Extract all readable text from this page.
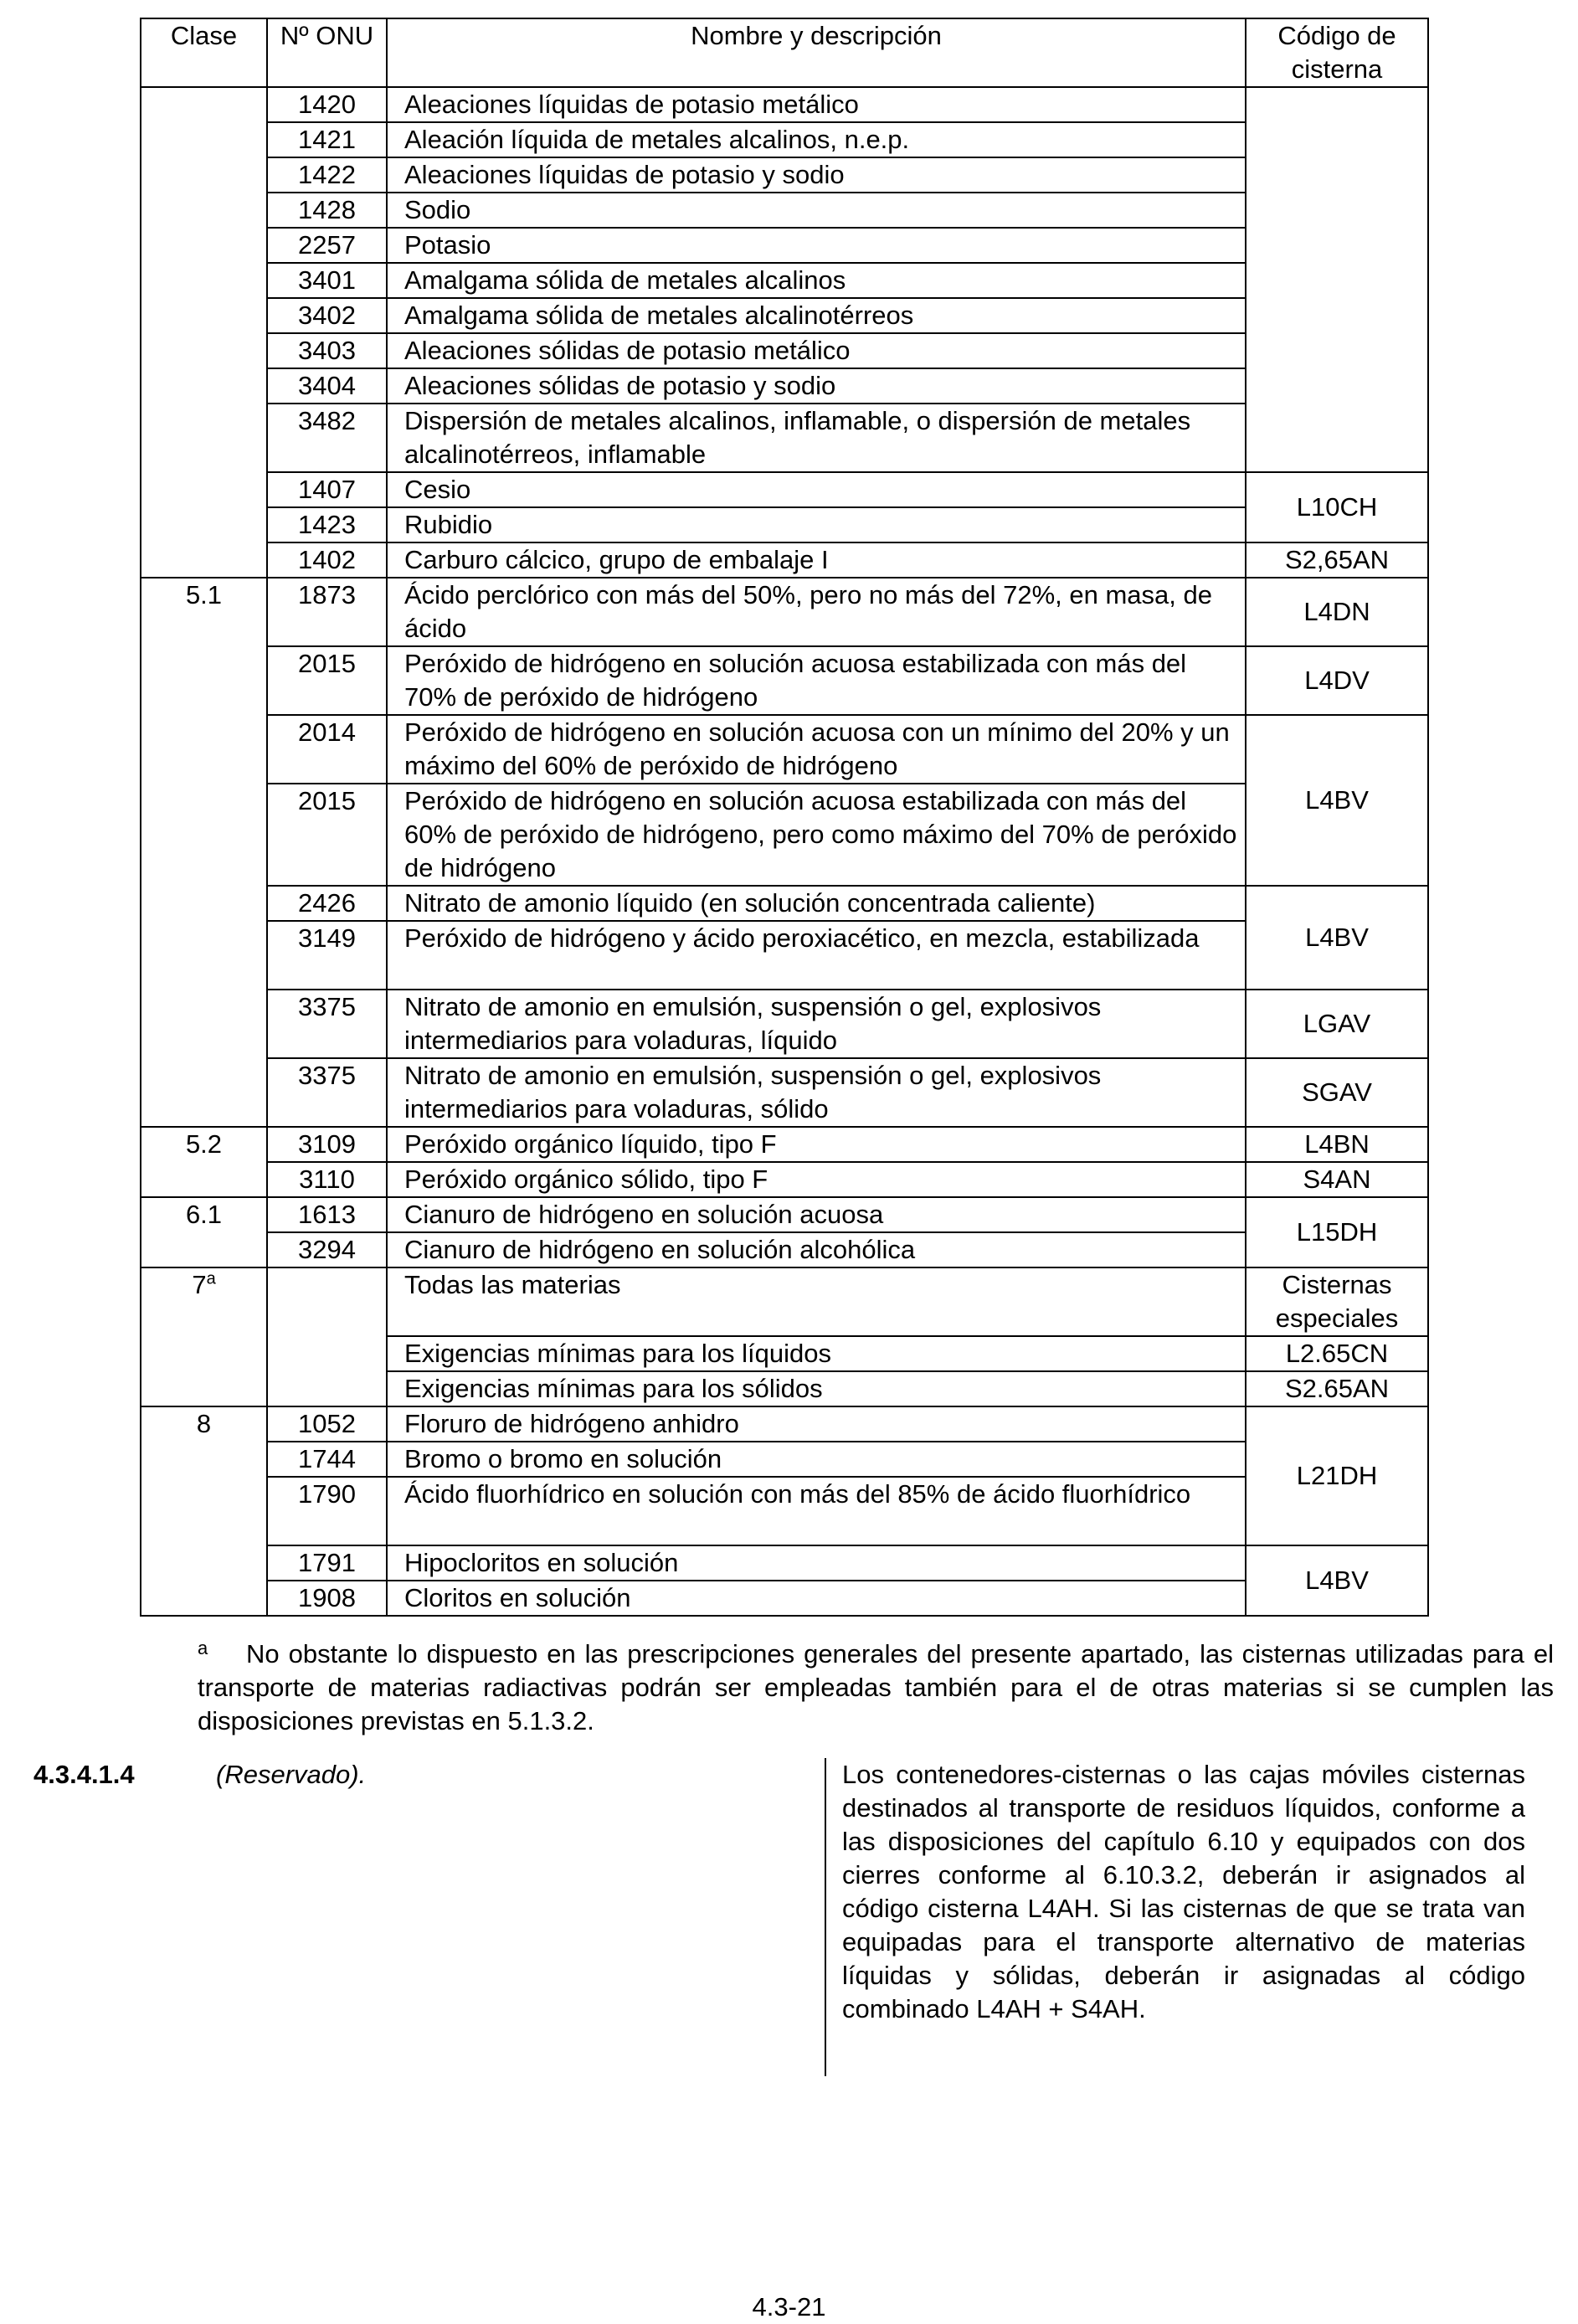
Clase	Nº ONU	Nombre y descripción	Código de cisterna
	1420	Aleaciones líquidas de potasio metálico	
	1421	Aleación líquida de metales alcalinos, n.e.p.	
	1422	Aleaciones líquidas de potasio y sodio	
	1428	Sodio	
	2257	Potasio	
	3401	Amalgama sólida de metales alcalinos	
	3402	Amalgama sólida de metales alcalinotérreos	
	3403	Aleaciones sólidas de potasio metálico	
	3404	Aleaciones sólidas de potasio y sodio	
	3482	Dispersión de metales alcalinos, inflamable, o dispersión de metales alcalinotérreos, inflamable	
	1407	Cesio	L10CH
	1423	Rubidio	
	1402	Carburo cálcico, grupo de embalaje I	S2,65AN
5.1	1873	Ácido perclórico con más del 50%, pero no más del 72%, en masa, de ácido	L4DN
	2015	Peróxido de hidrógeno en solución acuosa estabilizada con más del 70% de peróxido de hidrógeno	L4DV
	2014	Peróxido de hidrógeno en solución acuosa con un mínimo del 20% y un máximo del 60% de peróxido de hidrógeno	L4BV
	2015	Peróxido de hidrógeno en solución acuosa estabilizada con más del 60% de peróxido de hidrógeno, pero como máximo del 70% de peróxido de hidrógeno	
	2426	Nitrato de amonio líquido (en solución concentrada caliente)	L4BV
	3149	Peróxido de hidrógeno y ácido peroxiacético, en mezcla, estabilizada	
	3375	Nitrato de amonio en emulsión, suspensión o gel, explosivos intermediarios para voladuras, líquido	LGAV
	3375	Nitrato de amonio en emulsión, suspensión o gel, explosivos intermediarios para voladuras, sólido	SGAV
5.2	3109	Peróxido orgánico líquido, tipo F	L4BN
	3110	Peróxido orgánico sólido, tipo F	S4AN
6.1	1613	Cianuro de hidrógeno en solución acuosa	L15DH
	3294	Cianuro de hidrógeno en solución alcohólica	
7$^a$		Todas las materias	Cisternas especiales
		Exigencias mínimas para los líquidos	L2.65CN
		Exigencias mínimas para los sólidos	S2.65AN
8	1052	Floruro de hidrógeno anhidro	L21DH
	1744	Bromo o bromo en solución	
	1790	Ácido fluorhídrico en solución con más del 85% de ácido fluorhídrico	
	1791	Hipocloritos en solución	L4BV
	1908	Cloritos en solución	
a No obstante lo dispuesto en las prescripciones generales del presente apartado, las cisternas utilizadas para el transporte de materias radiactivas podrán ser empleadas también para el de otras materias si se cumplen las disposiciones previstas en 5.1.3.2.
4.3.4.1.4	(Reservado).	Los contenedores-cisternas o las cajas móviles cisternas destinados al transporte de residuos líquidos, conforme a las disposiciones del capítulo 6.10 y equipados con dos cierres conforme al 6.10.3.2, deberán ir asignados al código cisterna L4AH. Si las cisternas de que se trata van equipadas para el transporte alternativo de materias líquidas y sólidas, deberán ir asignadas al código combinado L4AH + S4AH.
4.3-21
